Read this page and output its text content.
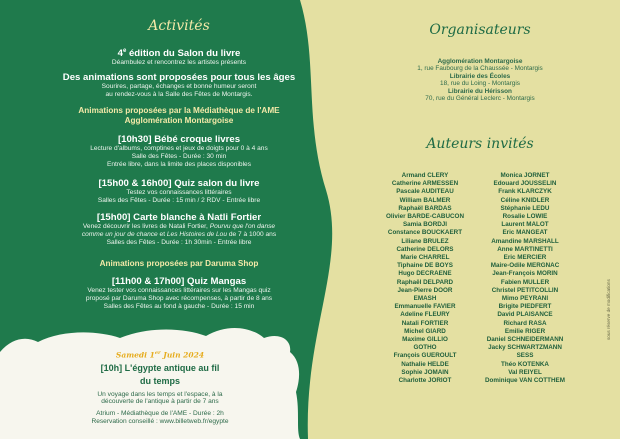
Activités
4e édition du Salon du livre
Déambulez et rencontrez les artistes présents
Des animations sont proposées pour tous les âges
Sourires, partage, échanges et bonne humeur seront
au rendez-vous à la Salle des Fêtes de Montargis.
Animations proposées par la Médiathèque de l'AME
Agglomération Montargoise
[10h30] Bébé croque livres
Lecture d'albums, comptines et jeux de doigts pour 0 à 4 ans
Salle des Fêtes - Durée : 30 min
Entrée libre, dans la limite des places disponibles
[15h00 & 16h00] Quiz salon du livre
Testez vos connaissances littéraires
Salles des Fêtes - Durée : 15 min / 2 RDV - Entrée libre
[15h00] Carte blanche à Natli Fortier
Venez découvrir les livres de Natali Fortier, Pourvu que l'on danse
comme un jour de chance et Les Histoires de Lou de 7 à 1000 ans
Salles des Fêtes - Durée : 1h 30min - Entrée libre
Animations proposées par Daruma Shop
[11h00 & 17h00] Quiz Mangas
Venez tester vos connaissances littéraires sur les Mangas quiz
proposé par Daruma Shop avec récompenses, à partir de 8 ans
Salles des Fêtes au fond à gauche - Durée : 15 min
Samedi 1er Juin 2024
[10h] L'égypte antique au fil
du temps
Un voyage dans les temps et l'espace, à la
découverte de l'antique à partir de 7 ans
Atrium - Médiathèque de l'AME - Durée : 2h
Reservation conseillé : www.billetweb.fr/egypte
Organisateurs
Agglomération Montargoise
1, rue Faubourg de la Chaussée - Montargis
Librairie des Écoles
18, rue du Loing - Montargis
Librairie du Hérisson
70, rue du Général Leclerc - Montargis
Auteurs invités
Armand CLERY
Catherine ARMESSEN
Pascale AUDITEAU
William BALMER
Raphaël BARDAS
Olivier BARDE-CABUCON
Samia BORDJI
Constance BOUCKAERT
Liliane BRULEZ
Catherine DELORS
Marie CHARREL
Tiphaine DE BOYS
Hugo DECRAENE
Raphaël DELPARD
Jean-Pierre DOOR
EMASH
Emmanuelle FAVIER
Adeline FLEURY
Natali FORTIER
Michel GIARD
Maxime GILLIO
GOTHO
François GUEROULT
Nathalie HELDE
Sophie JOMAIN
Charlotte JORIOT
Monica JORNET
Edouard JOUSSELIN
Frank KLARCZYK
Céline KNIDLER
Stéphanie LEDU
Rosalie LOWIE
Laurent MALOT
Eric MANGEAT
Amandine MARSHALL
Anne MARTINETTI
Eric MERCIER
Maire-Odile MERGNAC
Jean-François MORIN
Fabien MULLER
Christel PETITCOLLIN
Mimo PEYRANI
Brigite PIEDFERT
David PLAISANCE
Richard RASA
Emilie RIGER
Daniel SCHNEIDERMANN
Jacky SCHWARTZMANN
SESS
Théo KOTENKA
Val REIYEL
Dominique VAN COTTHEM
sous réserve de modifications
